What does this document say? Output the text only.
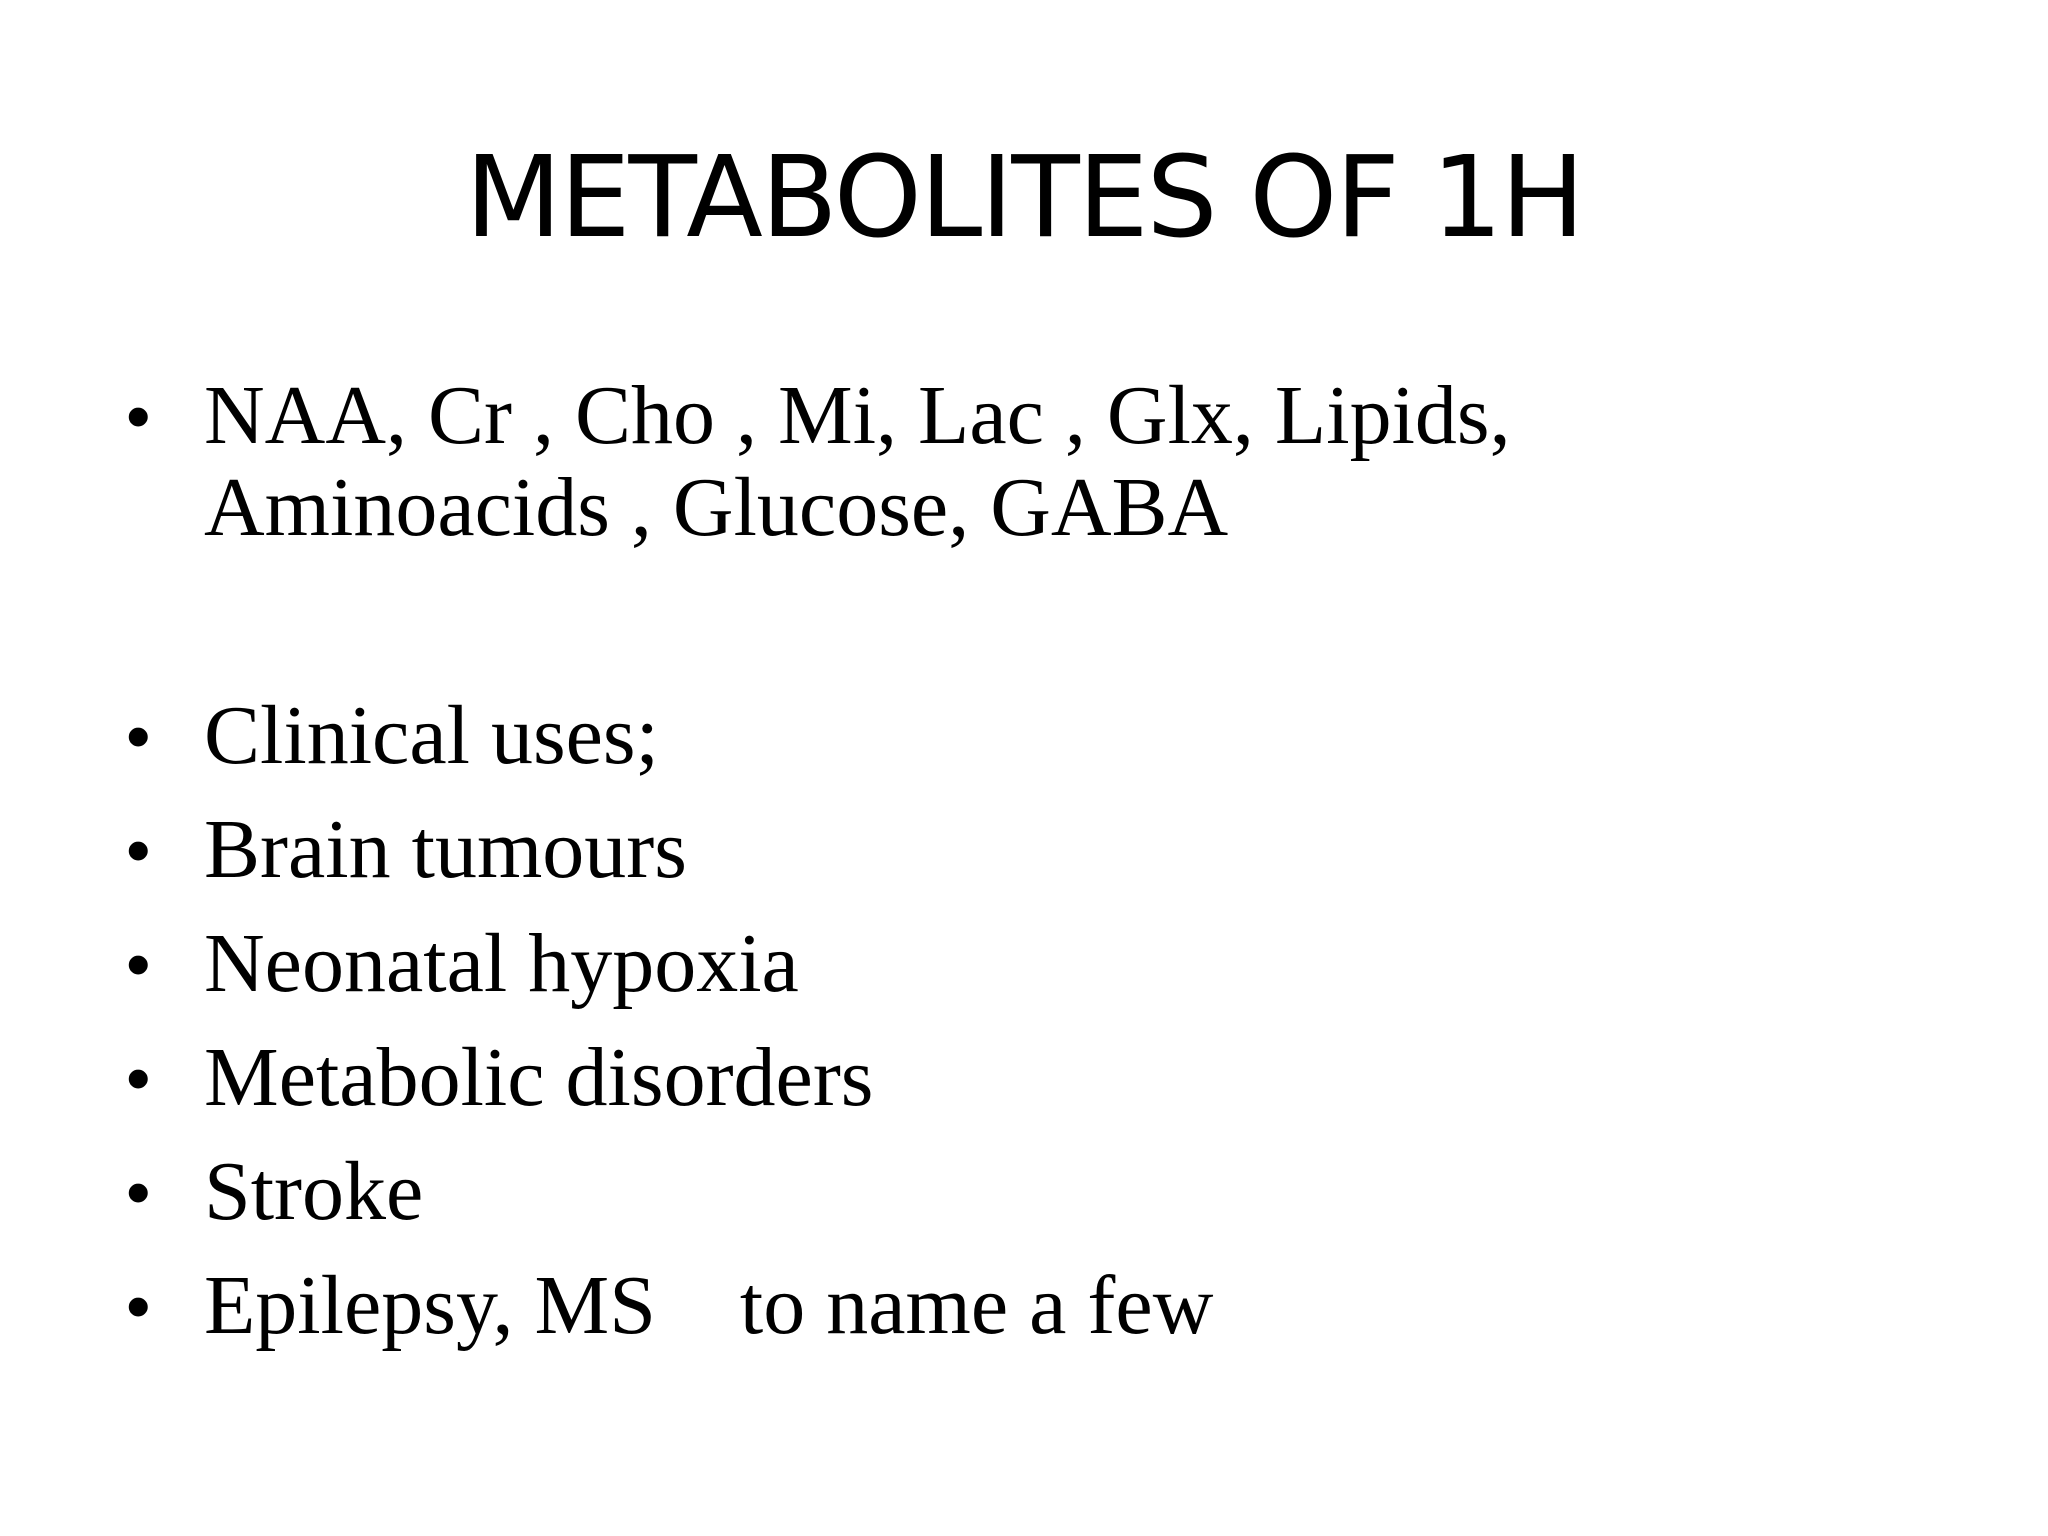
METABOLITES OF 1H
• NAA, Cr , Cho , Mi, Lac , Glx, Lipids,
Aminoacids , Glucose, GABA
• Clinical uses;
• Brain tumours
• Neonatal hypoxia
• Metabolic disorders
• Stroke
• Epilepsy, MS    to name a few
